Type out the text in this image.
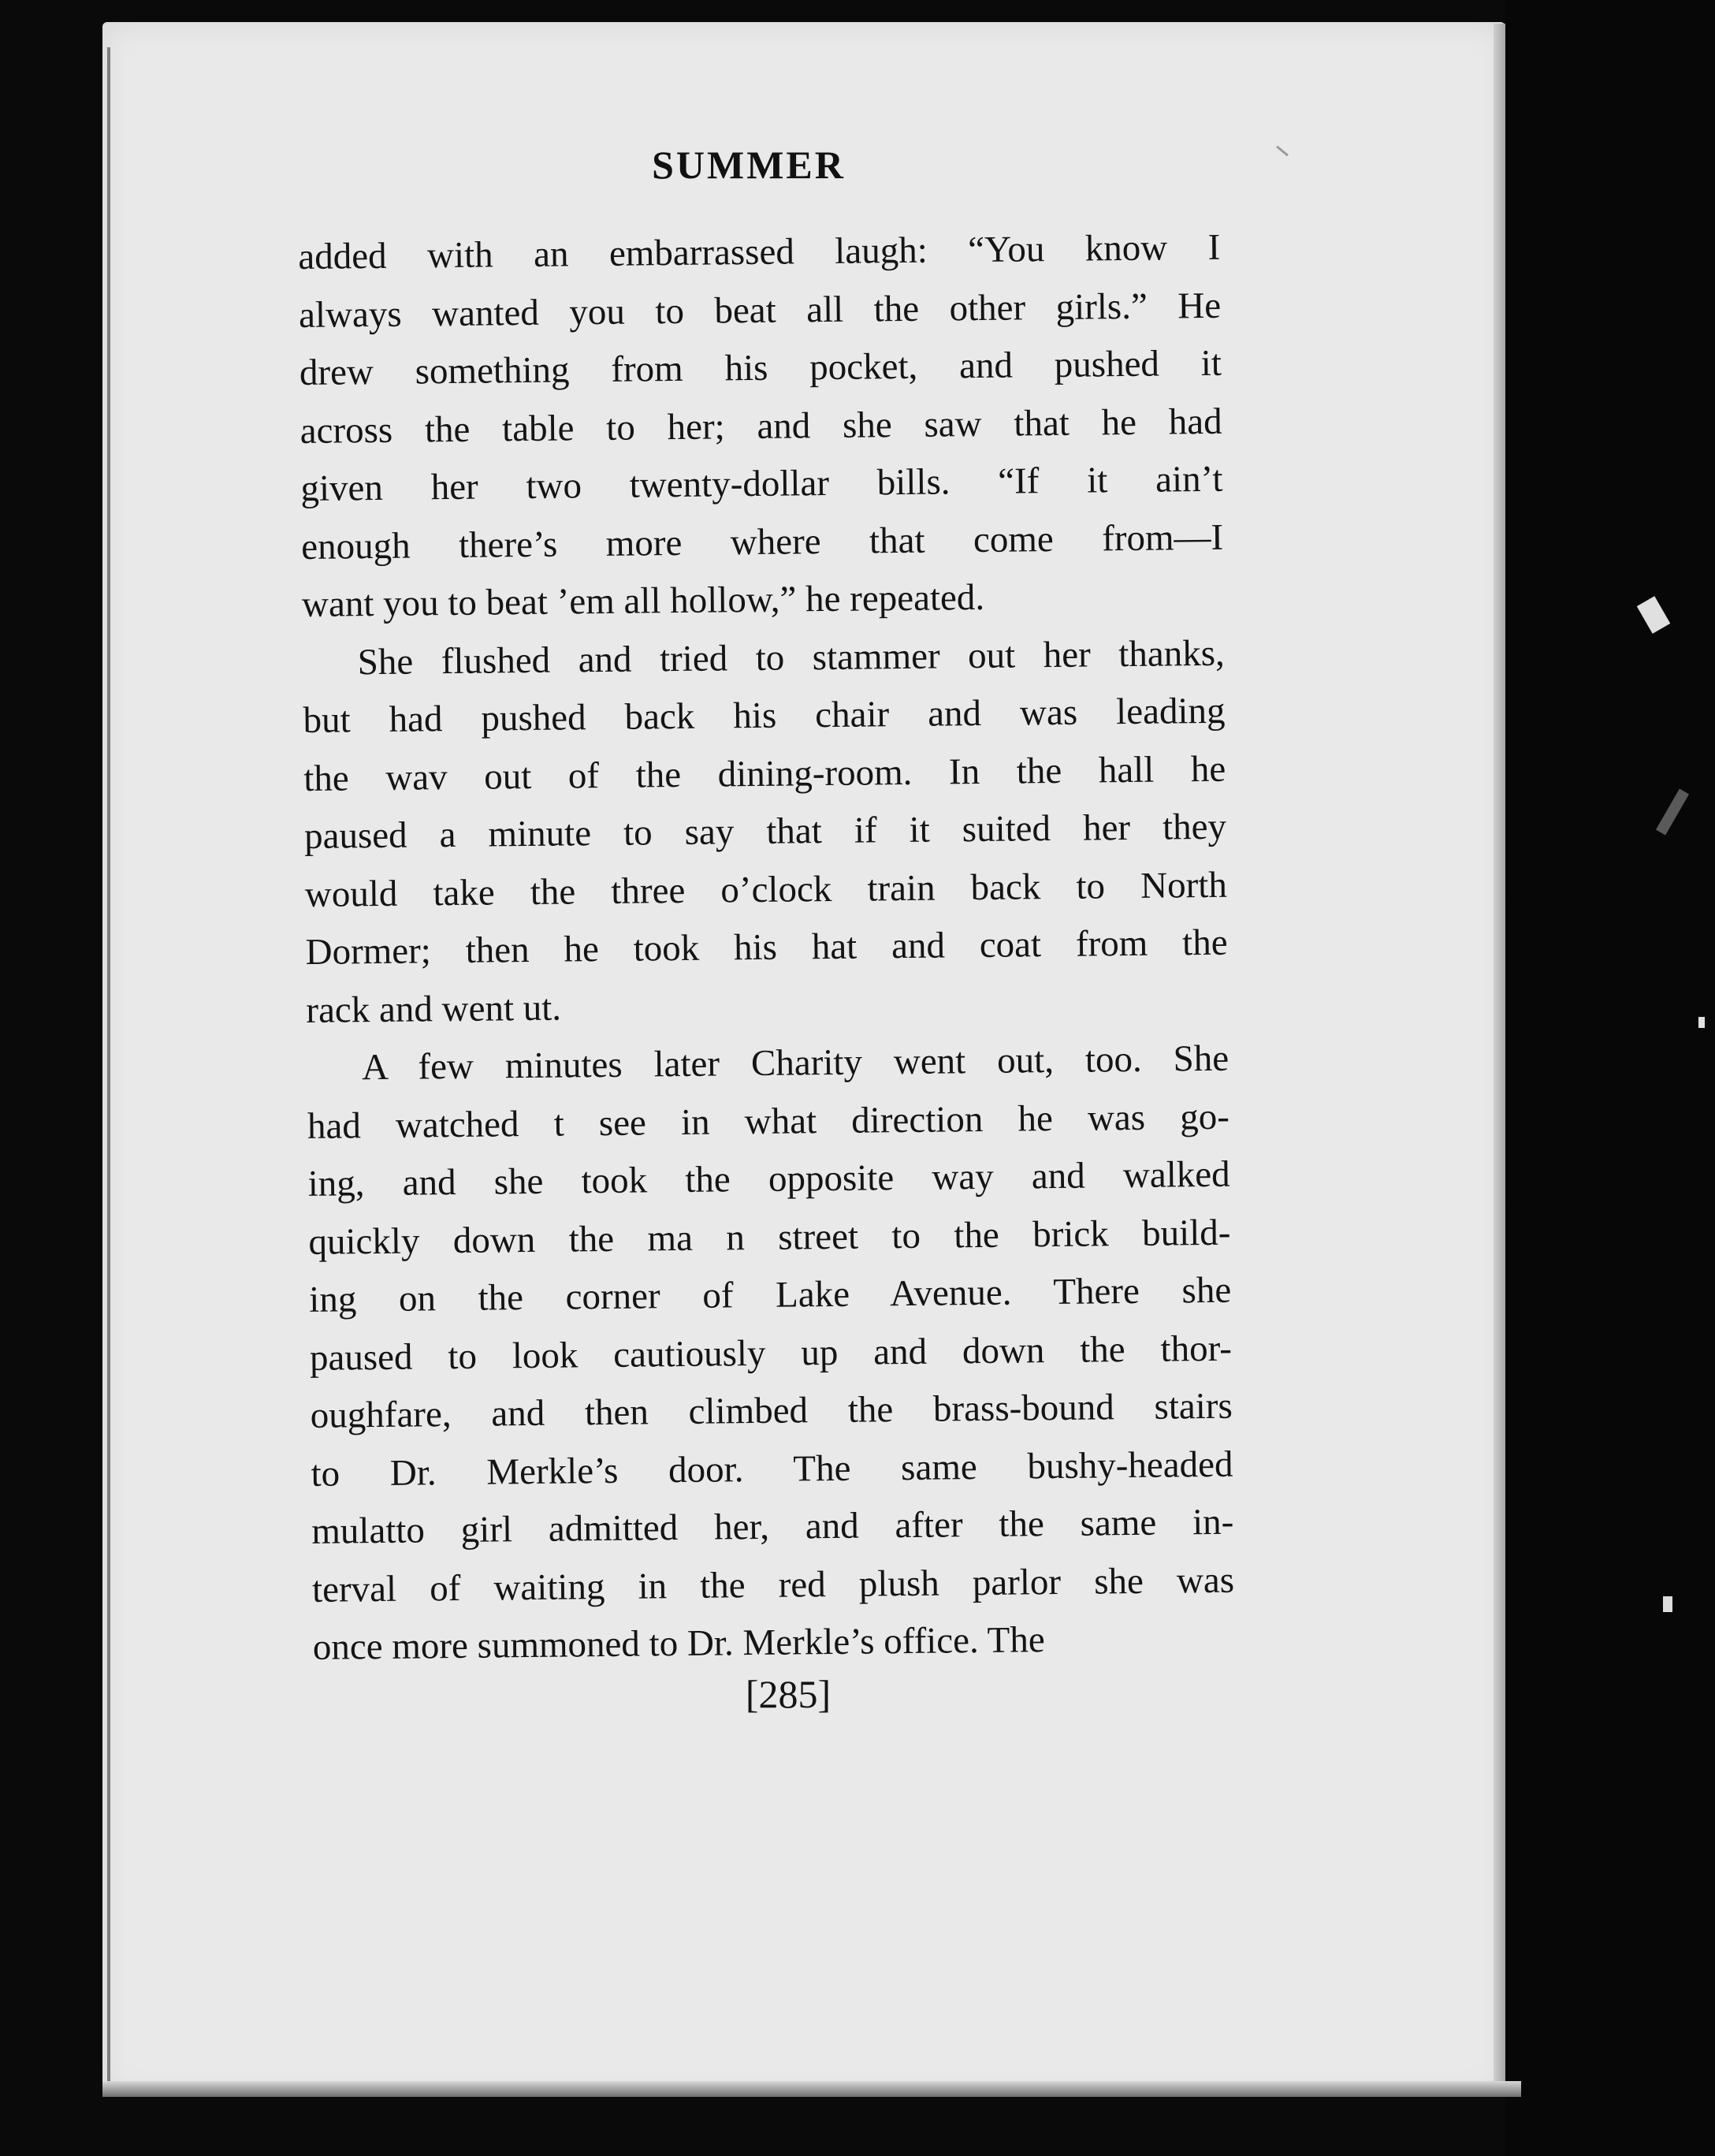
SUMMER
added with an embarrassed laugh: “You know I
always wanted you to beat all the other girls.” He
drew something from his pocket, and pushed it
across the table to her; and she saw that he had
given her two twenty-dollar bills. “If it ain’t
enough there’s more where that come from—I
want you to beat ’em all hollow,” he repeated.
She flushed and tried to stammer out her thanks,
but had pushed back his chair and was leading
the wav out of the dining-room. In the hall he
paused a minute to say that if it suited her they
would take the three o’clock train back to North
Dormer; then he took his hat and coat from the
rack and went ut.
A few minutes later Charity went out, too. She
had watched t see in what direction he was go-
ing, and she took the opposite way and walked
quickly down the ma n street to the brick build-
ing on the corner of Lake Avenue. There she
paused to look cautiously up and down the thor-
oughfare, and then climbed the brass-bound stairs
to Dr. Merkle’s door. The same bushy-headed
mulatto girl admitted her, and after the same in-
terval of waiting in the red plush parlor she was
once more summoned to Dr. Merkle’s office. The
[285]
